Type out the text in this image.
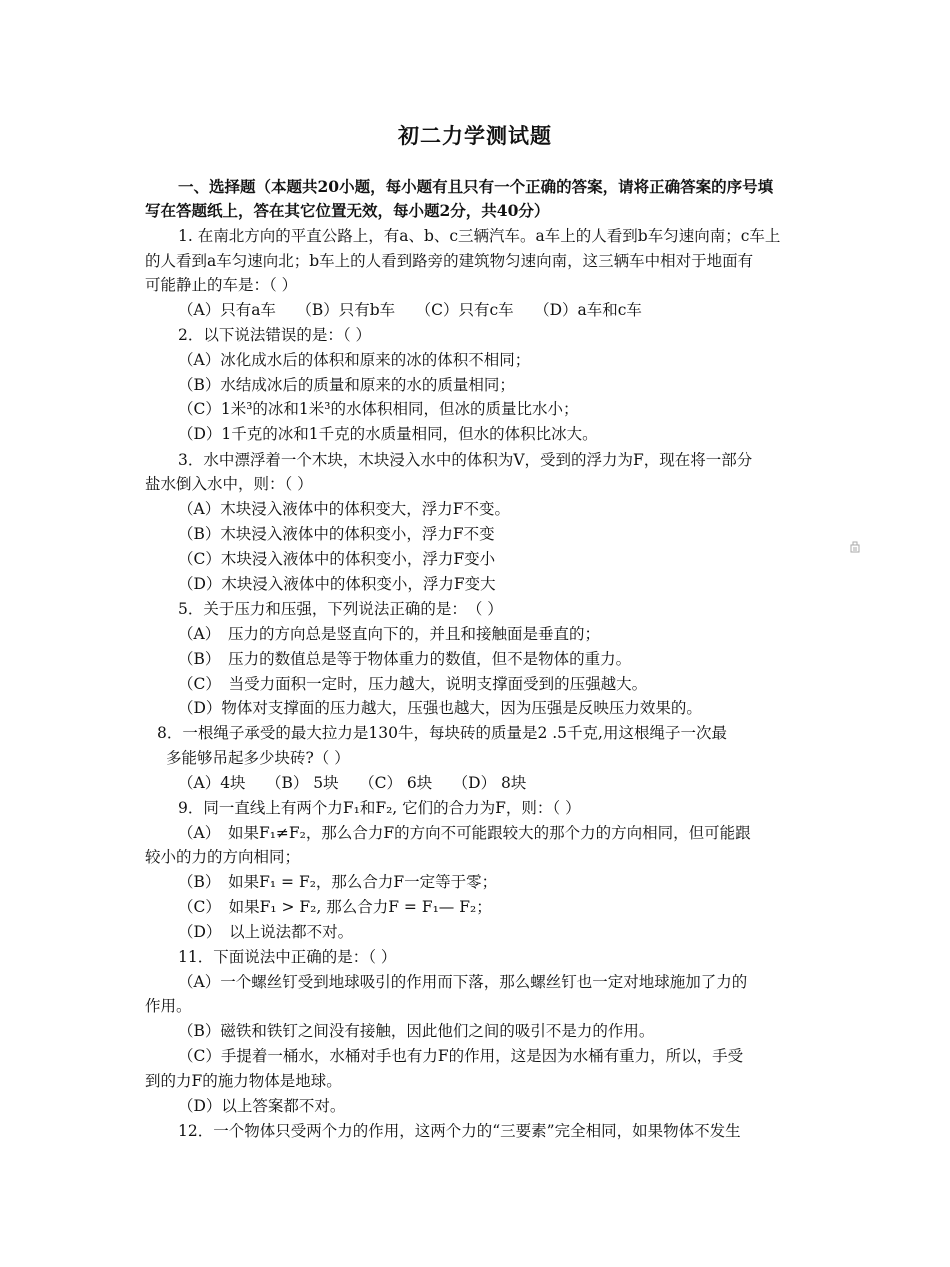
初二力学测试题
一、选择题（本题共20小题，每小题有且只有一个正确的答案，请将正确答案的序号填
写在答题纸上，答在其它位置无效，每小题2分，共40分）
1. 在南北方向的平直公路上，有a、b、c三辆汽车。a车上的人看到b车匀速向南；c车上
的人看到a车匀速向北；b车上的人看到路旁的建筑物匀速向南，这三辆车中相对于地面有
可能静止的车是：（ ）
（A）只有a车　 （B）只有b车　 （C）只有c车　 （D）a车和c车
2．以下说法错误的是：（ ）
（A）冰化成水后的体积和原来的冰的体积不相同；
（B）水结成冰后的质量和原来的水的质量相同；
（C）1米³的冰和1米³的水体积相同，但冰的质量比水小；
（D）1千克的冰和1千克的水质量相同，但水的体积比冰大。
3．水中漂浮着一个木块，木块浸入水中的体积为V，受到的浮力为F，现在将一部分
盐水倒入水中，则：（ ）
（A）木块浸入液体中的体积变大，浮力F不变。
（B）木块浸入液体中的体积变小，浮力F不变
（C）木块浸入液体中的体积变小，浮力F变小
（D）木块浸入液体中的体积变小，浮力F变大
5．关于压力和压强，下列说法正确的是：　（ ）
（A）　压力的方向总是竖直向下的，并且和接触面是垂直的；
（B）　压力的数值总是等于物体重力的数值，但不是物体的重力。
（C）　当受力面积一定时，压力越大，说明支撑面受到的压强越大。
（D）物体对支撑面的压力越大，压强也越大，因为压强是反映压力效果的。
8．一根绳子承受的最大拉力是130牛，每块砖的质量是2 .5千克,用这根绳子一次最
多能够吊起多少块砖?（ ）
（A）4块　 （B） 5块　 （C） 6块　 （D） 8块
9．同一直线上有两个力F₁和F₂, 它们的合力为F，则：（ ）
（A）　如果F₁≠F₂，那么合力F的方向不可能跟较大的那个力的方向相同，但可能跟
较小的力的方向相同；
（B）　如果F₁ = F₂，那么合力F一定等于零；
（C）　如果F₁ > F₂, 那么合力F = F₁— F₂；
（D）　以上说法都不对。
11．下面说法中正确的是：（ ）
（A）一个螺丝钉受到地球吸引的作用而下落，那么螺丝钉也一定对地球施加了力的
作用。
（B）磁铁和铁钉之间没有接触，因此他们之间的吸引不是力的作用。
（C）手提着一桶水，水桶对手也有力F的作用，这是因为水桶有重力，所以，手受
到的力F的施力物体是地球。
（D）以上答案都不对。
12．一个物体只受两个力的作用，这两个力的“三要素”完全相同，如果物体不发生
